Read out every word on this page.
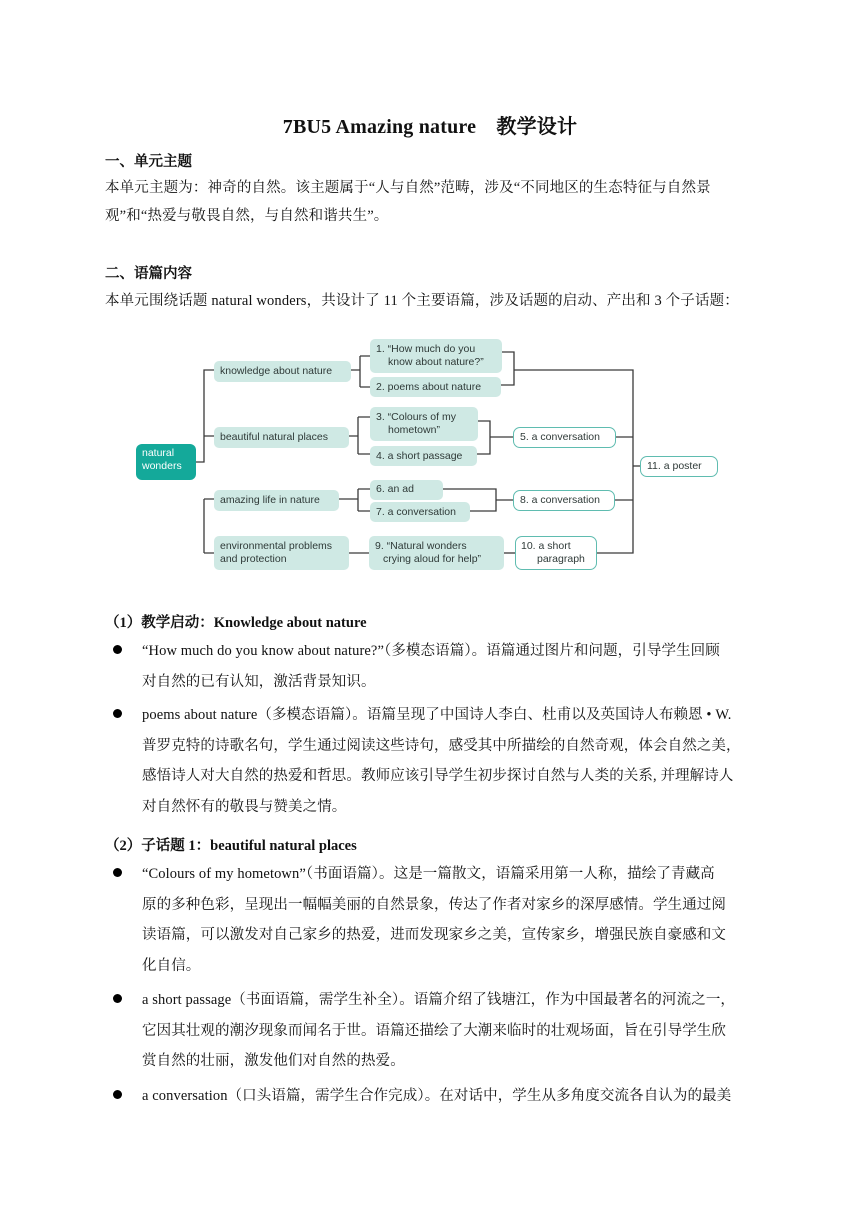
7BU5 Amazing nature　教学设计
一、单元主题
本单元主题为：神奇的自然。该主题属于“人与自然”范畴，涉及“不同地区的生态特征与自然景
观”和“热爱与敬畏自然，与自然和谐共生”。
二、语篇内容
本单元围绕话题 natural wonders，共设计了 11 个主要语篇，涉及话题的启动、产出和 3 个子话题：
natural
wonders
knowledge about nature
beautiful natural places
amazing life in nature
environmental problems
and protection
1. “How much do you
know about nature?”
2. poems about nature
3. “Colours of my
hometown”
4. a short passage
5. a conversation
6. an ad
7. a conversation
8. a conversation
9. “Natural wonders
crying aloud for help”
10. a short
paragraph
11. a poster
（1）教学启动：Knowledge about nature
“How much do you know about nature?”（多模态语篇）。语篇通过图片和问题，引导学生回顾
对自然的已有认知，激活背景知识。
poems about nature（多模态语篇）。语篇呈现了中国诗人李白、杜甫以及英国诗人布赖恩 • W.
普罗克特的诗歌名句，学生通过阅读这些诗句，感受其中所描绘的自然奇观，体会自然之美，
感悟诗人对大自然的热爱和哲思。教师应该引导学生初步探讨自然与人类的关系, 并理解诗人
对自然怀有的敬畏与赞美之情。
（2）子话题 1：beautiful natural places
“Colours of my hometown”（书面语篇）。这是一篇散文，语篇采用第一人称，描绘了青藏高
原的多种色彩，呈现出一幅幅美丽的自然景象，传达了作者对家乡的深厚感情。学生通过阅
读语篇，可以激发对自己家乡的热爱，进而发现家乡之美，宣传家乡，增强民族自豪感和文
化自信。
a short passage（书面语篇，需学生补全）。语篇介绍了钱塘江，作为中国最著名的河流之一，
它因其壮观的潮汐现象而闻名于世。语篇还描绘了大潮来临时的壮观场面，旨在引导学生欣
赏自然的壮丽，激发他们对自然的热爱。
a conversation（口头语篇，需学生合作完成）。在对话中，学生从多角度交流各自认为的最美
